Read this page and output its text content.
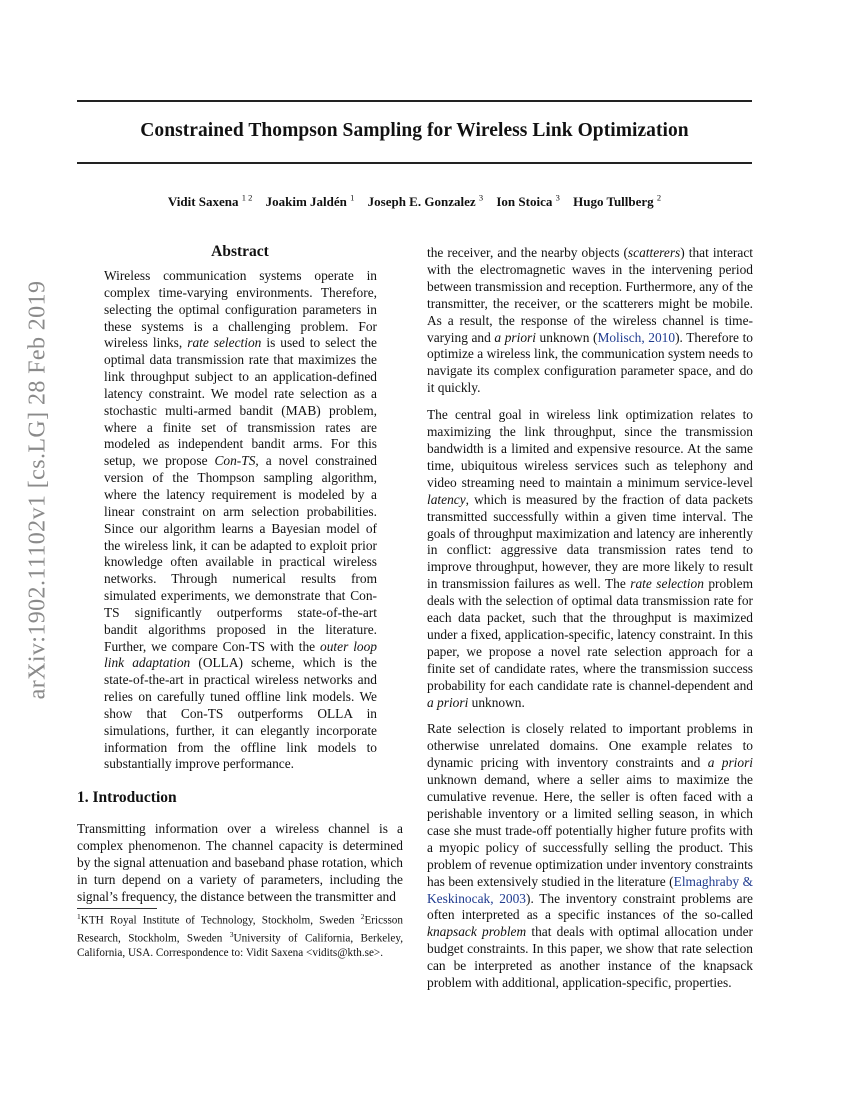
Constrained Thompson Sampling for Wireless Link Optimization
Vidit Saxena $^{1 2}$ Joakim Jaldén $^1$ Joseph E. Gonzalez $^3$ Ion Stoica $^3$ Hugo Tullberg $^2$
arXiv:1902.11102v1 [cs.LG] 28 Feb 2019
Abstract
Wireless communication systems operate in complex time-varying environments. Therefore, selecting the optimal configuration parameters in these systems is a challenging problem. For wireless links, rate selection is used to select the optimal data transmission rate that maximizes the link throughput subject to an application-defined latency constraint. We model rate selection as a stochastic multi-armed bandit (MAB) problem, where a finite set of transmission rates are modeled as independent bandit arms. For this setup, we propose Con-TS, a novel constrained version of the Thompson sampling algorithm, where the latency requirement is modeled by a linear constraint on arm selection probabilities. Since our algorithm learns a Bayesian model of the wireless link, it can be adapted to exploit prior knowledge often available in practical wireless networks. Through numerical results from simulated experiments, we demonstrate that Con-TS significantly outperforms state-of-the-art bandit algorithms proposed in the literature. Further, we compare Con-TS with the outer loop link adaptation (OLLA) scheme, which is the state-of-the-art in practical wireless networks and relies on carefully tuned offline link models. We show that Con-TS outperforms OLLA in simulations, further, it can elegantly incorporate information from the offline link models to substantially improve performance.
1. Introduction
Transmitting information over a wireless channel is a complex phenomenon. The channel capacity is determined by the signal attenuation and baseband phase rotation, which in turn depend on a variety of parameters, including the signal’s frequency, the distance between the transmitter and
$^1$KTH Royal Institute of Technology, Stockholm, Sweden $^2$Ericsson Research, Stockholm, Sweden $^3$University of California, Berkeley, California, USA. Correspondence to: Vidit Saxena <vidits@kth.se>.

the receiver, and the nearby objects (scatterers) that interact with the electromagnetic waves in the intervening period between transmission and reception. Furthermore, any of the transmitter, the receiver, or the scatterers might be mobile. As a result, the response of the wireless channel is time-varying and a priori unknown (Molisch, 2010). Therefore to optimize a wireless link, the communication system needs to navigate its complex configuration parameter space, and do it quickly.

The central goal in wireless link optimization relates to maximizing the link throughput, since the transmission bandwidth is a limited and expensive resource. At the same time, ubiquitous wireless services such as telephony and video streaming need to maintain a minimum service-level latency, which is measured by the fraction of data packets transmitted successfully within a given time interval. The goals of throughput maximization and latency are inherently in conflict: aggressive data transmission rates tend to improve throughput, however, they are more likely to result in transmission failures as well. The rate selection problem deals with the selection of optimal data transmission rate for each data packet, such that the throughput is maximized under a fixed, application-specific, latency constraint. In this paper, we propose a novel rate selection approach for a finite set of candidate rates, where the transmission success probability for each candidate rate is channel-dependent and a priori unknown.

Rate selection is closely related to important problems in otherwise unrelated domains. One example relates to dynamic pricing with inventory constraints and a priori unknown demand, where a seller aims to maximize the cumulative revenue. Here, the seller is often faced with a perishable inventory or a limited selling season, in which case she must trade-off potentially higher future profits with a myopic policy of successfully selling the product. This problem of revenue optimization under inventory constraints has been extensively studied in the literature (Elmaghraby & Keskinocak, 2003). The inventory constraint problems are often interpreted as a specific instances of the so-called knapsack problem that deals with optimal allocation under budget constraints. In this paper, we show that rate selection can be interpreted as another instance of the knapsack problem with additional, application-specific, properties.
